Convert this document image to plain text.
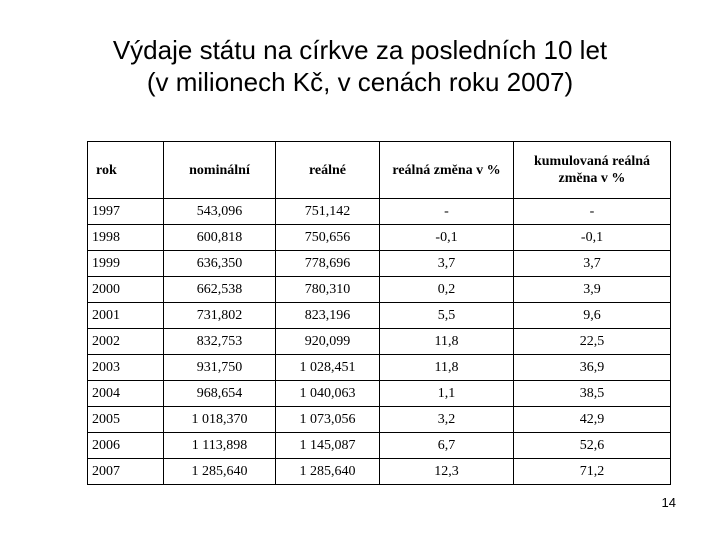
Výdaje státu na církve za posledních 10 let
(v milionech Kč, v cenách roku 2007)
rok	nominální	reálné	reálná změna v %	kumulovaná reálná změna v %
1997	543,096	751,142	-	-
1998	600,818	750,656	-0,1	-0,1
1999	636,350	778,696	3,7	3,7
2000	662,538	780,310	0,2	3,9
2001	731,802	823,196	5,5	9,6
2002	832,753	920,099	11,8	22,5
2003	931,750	1 028,451	11,8	36,9
2004	968,654	1 040,063	1,1	38,5
2005	1 018,370	1 073,056	3,2	42,9
2006	1 113,898	1 145,087	6,7	52,6
2007	1 285,640	1 285,640	12,3	71,2
14
